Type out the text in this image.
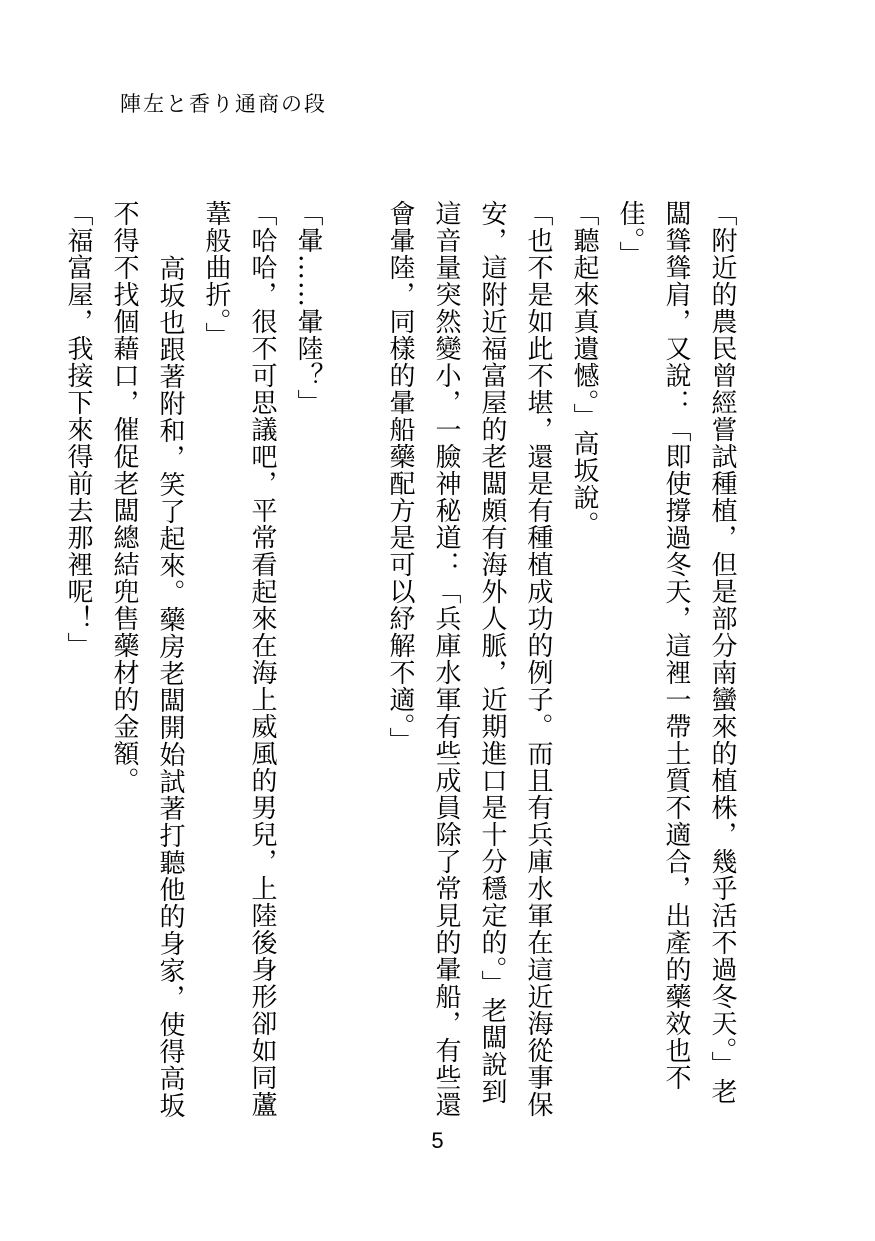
陣左と香り通商の段

「附近的農民曾經嘗試種植，但是部分南蠻來的植株，幾乎活不過冬天。」老闆聳聳肩，又說：「即使撐過冬天，這裡一帶土質不適合，出產的藥效也不佳。」

「聽起來真遺憾。」高坂說。

「也不是如此不堪，還是有種植成功的例子。而且有兵庫水軍在這近海從事保安，這附近福富屋的老闆頗有海外人脈，近期進口是十分穩定的。」老闆說到這音量突然變小，一臉神秘道：「兵庫水軍有些成員除了常見的暈船，有些還會暈陸，同樣的暈船藥配方是可以紓解不適。」

「暈……暈陸？」

「哈哈，很不可思議吧，平常看起來在海上威風的男兒，上陸後身形卻如同蘆葦般曲折。」

高坂也跟著附和，笑了起來。藥房老闆開始試著打聽他的身家，使得高坂不得不找個藉口，催促老闆總結兜售藥材的金額。

「福富屋，我接下來得前去那裡呢！」

5
